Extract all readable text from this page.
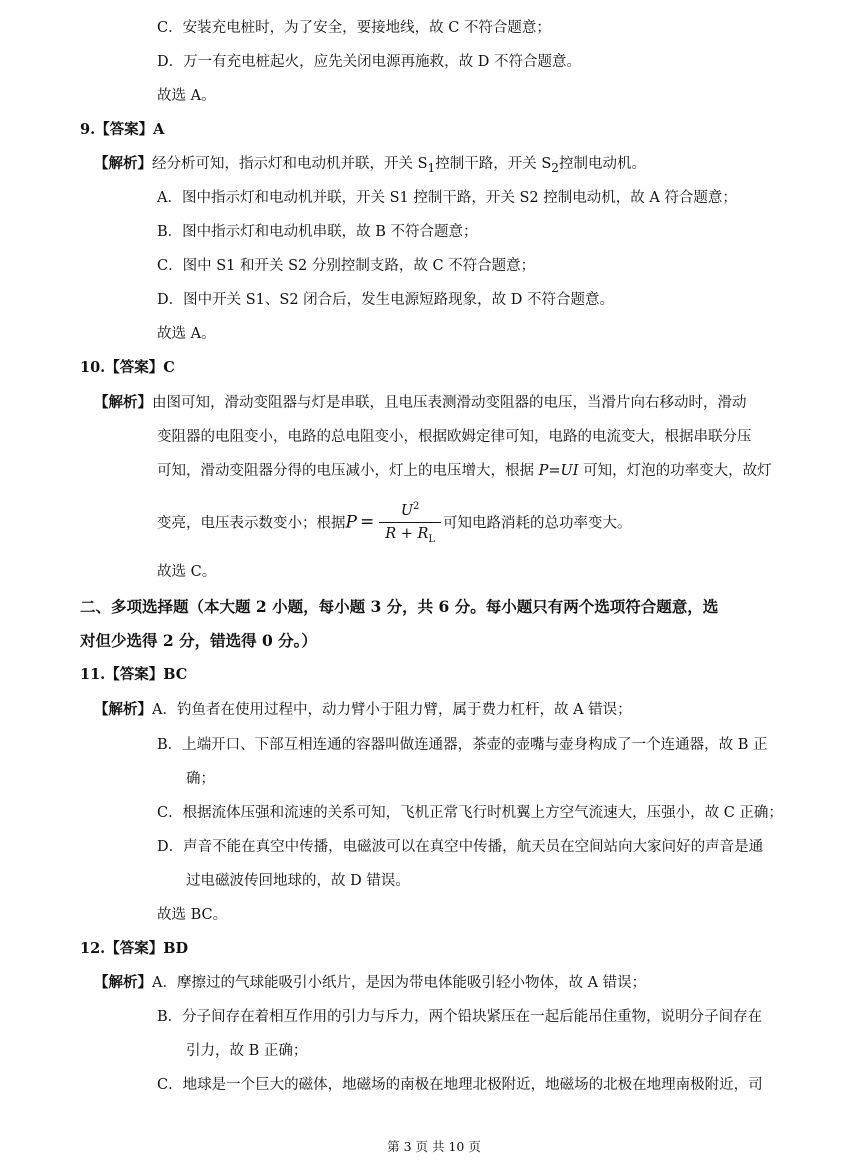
C．安装充电桩时，为了安全，要接地线，故 C 不符合题意；
D．万一有充电桩起火，应先关闭电源再施救，故 D 不符合题意。
故选 A。
9.【答案】A
【解析】经分析可知，指示灯和电动机并联，开关 $S_1$控制干路，开关 $S_2$控制电动机。
A．图中指示灯和电动机并联，开关 S1 控制干路，开关 S2 控制电动机，故 A 符合题意；
B．图中指示灯和电动机串联，故 B 不符合题意；
C．图中 S1 和开关 S2 分别控制支路，故 C 不符合题意；
D．图中开关 S1、S2 闭合后，发生电源短路现象，故 D 不符合题意。
故选 A。
10.【答案】C
【解析】由图可知，滑动变阻器与灯是串联，且电压表测滑动变阻器的电压，当滑片向右移动时，滑动
变阻器的电阻变小，电路的总电阻变小，根据欧姆定律可知，电路的电流变大，根据串联分压
可知，滑动变阻器分得的电压减小，灯上的电压增大，根据 P=UI 可知，灯泡的功率变大，故灯
变亮，电压表示数变小；根据$P = \frac{U^2}{R + R_L}$ 可知电路消耗的总功率变大。
故选 C。
二、多项选择题（本大题 2 小题，每小题 3 分，共 6 分。每小题只有两个选项符合题意，选
对但少选得 2 分，错选得 0 分。）
11.【答案】BC
【解析】A．钓鱼者在使用过程中，动力臂小于阻力臂，属于费力杠杆，故 A 错误；
B．上端开口、下部互相连通的容器叫做连通器，茶壶的壶嘴与壶身构成了一个连通器，故 B 正
确；
C．根据流体压强和流速的关系可知，飞机正常飞行时机翼上方空气流速大，压强小，故 C 正确；
D．声音不能在真空中传播，电磁波可以在真空中传播，航天员在空间站向大家问好的声音是通
过电磁波传回地球的，故 D 错误。
故选 BC。
12.【答案】BD
【解析】A．摩擦过的气球能吸引小纸片，是因为带电体能吸引轻小物体，故 A 错误；
B．分子间存在着相互作用的引力与斥力，两个铅块紧压在一起后能吊住重物，说明分子间存在
引力，故 B 正确；
C．地球是一个巨大的磁体，地磁场的南极在地理北极附近，地磁场的北极在地理南极附近，司
第 3 页 共 10 页
